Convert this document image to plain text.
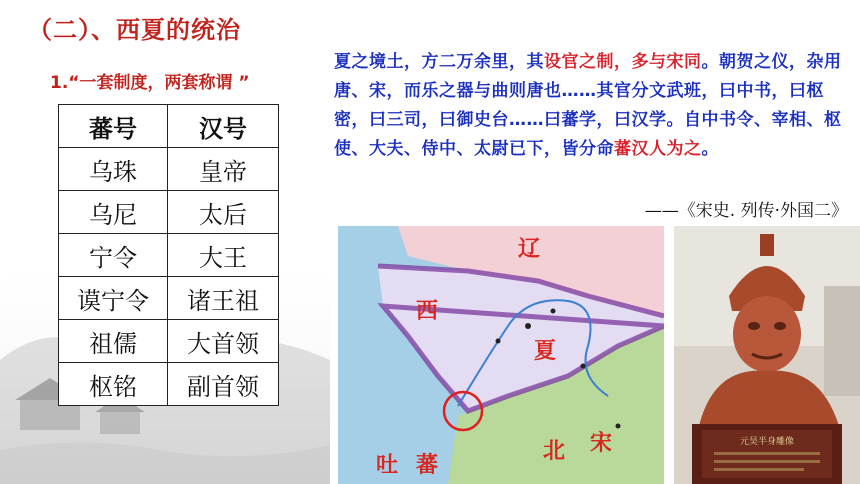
（二）、西夏的统治
1.“一套制度，两套称谓 ”
蕃号	汉号
乌珠	皇帝
乌尼	太后
宁令	大王
谟宁令	诸王祖
祖儒	大首领
枢铭	副首领
夏之境土，方二万余里，其设官之制，多与宋同。朝贺之仪，杂用唐、宋，而乐之器与曲则唐也……其官分文武班，曰中书，曰枢密，曰三司，曰御史台……曰蕃学，曰汉学。自中书令、宰相、枢使、大夫、侍中、太尉已下，皆分命蕃汉人为之。
——《宋史. 列传·外国二》
辽
西
夏
吐 蕃
北 宋	元昊半身雕像
